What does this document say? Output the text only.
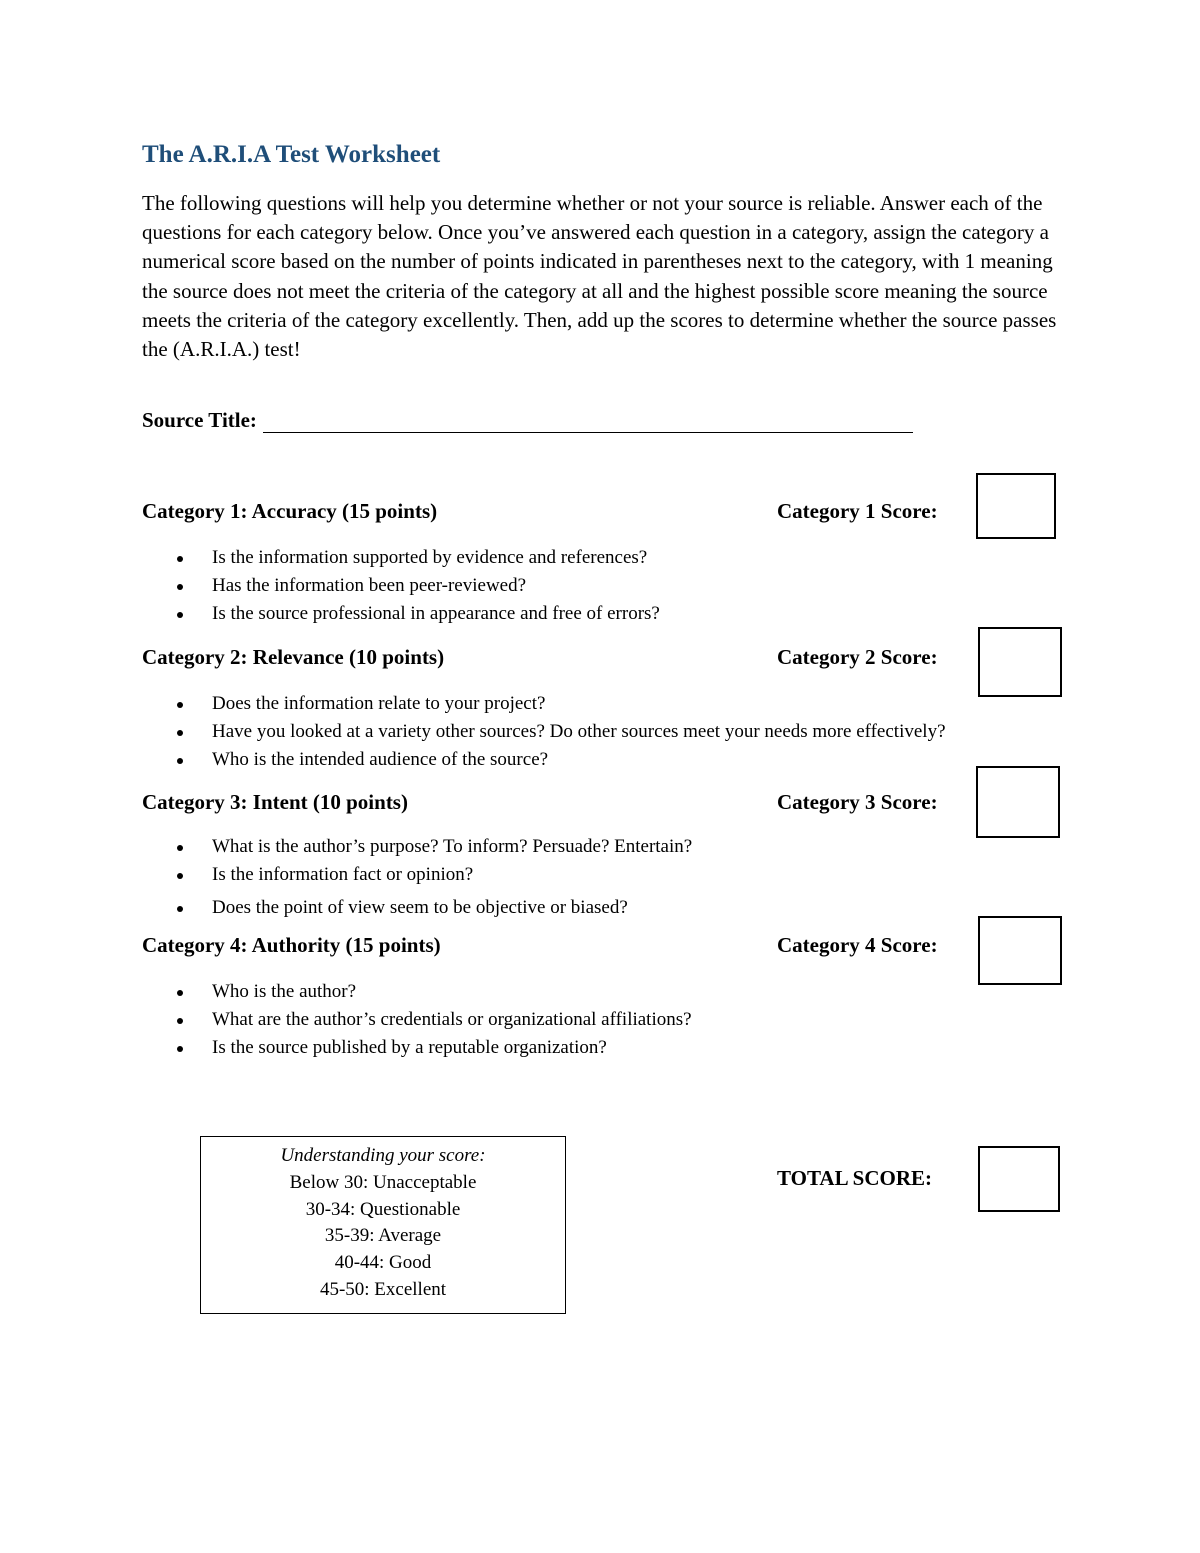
The A.R.I.A Test Worksheet

The following questions will help you determine whether or not your source is reliable. Answer each of the questions for each category below. Once you’ve answered each question in a category, assign the category a numerical score based on the number of points indicated in parentheses next to the category, with 1 meaning the source does not meet the criteria of the category at all and the highest possible score meaning the source meets the criteria of the category excellently. Then, add up the scores to determine whether the source passes the (A.R.I.A.) test!

Source Title:
Category 1: Accuracy (15 points)	Category 1 Score:
Is the information supported by evidence and references?
Has the information been peer-reviewed?
Is the source professional in appearance and free of errors?
Category 2: Relevance (10 points)	Category 2 Score:
Does the information relate to your project?
Have you looked at a variety other sources? Do other sources meet your needs more effectively?
Who is the intended audience of the source?
Category 3: Intent (10 points)	Category 3 Score:
What is the author’s purpose? To inform? Persuade? Entertain?
Is the information fact or opinion?
Does the point of view seem to be objective or biased?
Category 4: Authority (15 points)	Category 4 Score:
Who is the author?
What are the author’s credentials or organizational affiliations?
Is the source published by a reputable organization?
Understanding your score:
Below 30: Unacceptable
30-34: Questionable
35-39: Average
40-44: Good
45-50: Excellent
TOTAL SCORE:
